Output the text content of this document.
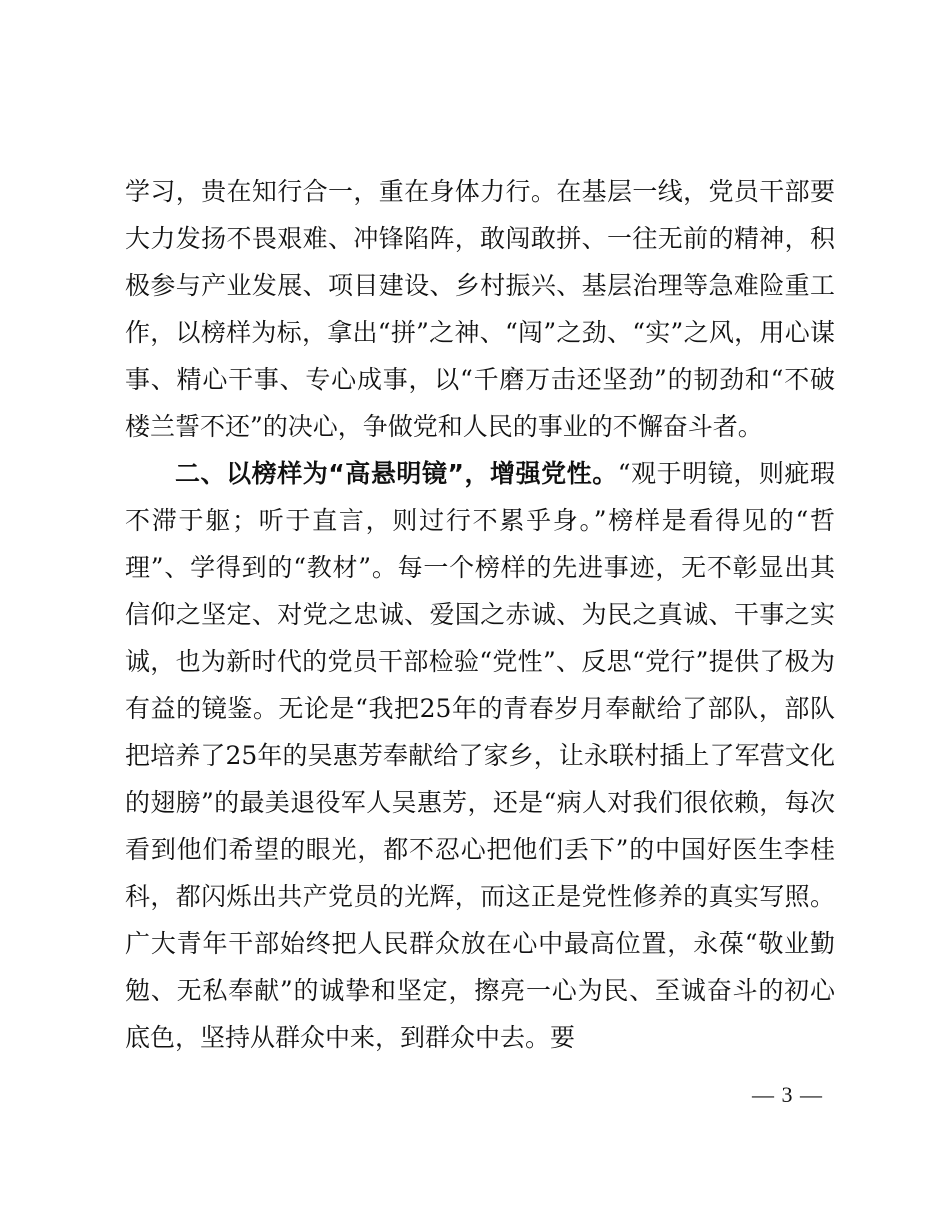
学习，贵在知行合一，重在身体力行。在基层一线，党员干部要大力发扬不畏艰难、冲锋陷阵，敢闯敢拼、一往无前的精神，积极参与产业发展、项目建设、乡村振兴、基层治理等急难险重工作，以榜样为标，拿出“拼”之神、“闯”之劲、“实”之风，用心谋事、精心干事、专心成事，以“千磨万击还坚劲”的韧劲和“不破楼兰誓不还”的决心，争做党和人民的事业的不懈奋斗者。

二、以榜样为“高悬明镜”，增强党性。“观于明镜，则疵瑕不滞于躯；听于直言，则过行不累乎身。”榜样是看得见的“哲理”、学得到的“教材”。每一个榜样的先进事迹，无不彰显出其信仰之坚定、对党之忠诚、爱国之赤诚、为民之真诚、干事之实诚，也为新时代的党员干部检验“党性”、反思“党行”提供了极为有益的镜鉴。无论是“我把25年的青春岁月奉献给了部队，部队把培养了25年的吴惠芳奉献给了家乡，让永联村插上了军营文化的翅膀”的最美退役军人吴惠芳，还是“病人对我们很依赖，每次看到他们希望的眼光，都不忍心把他们丢下”的中国好医生李桂科，都闪烁出共产党员的光辉，而这正是党性修养的真实写照。广大青年干部始终把人民群众放在心中最高位置，永葆“敬业勤勉、无私奉献”的诚挚和坚定，擦亮一心为民、至诚奋斗的初心底色，坚持从群众中来，到群众中去。要

— 3 —
